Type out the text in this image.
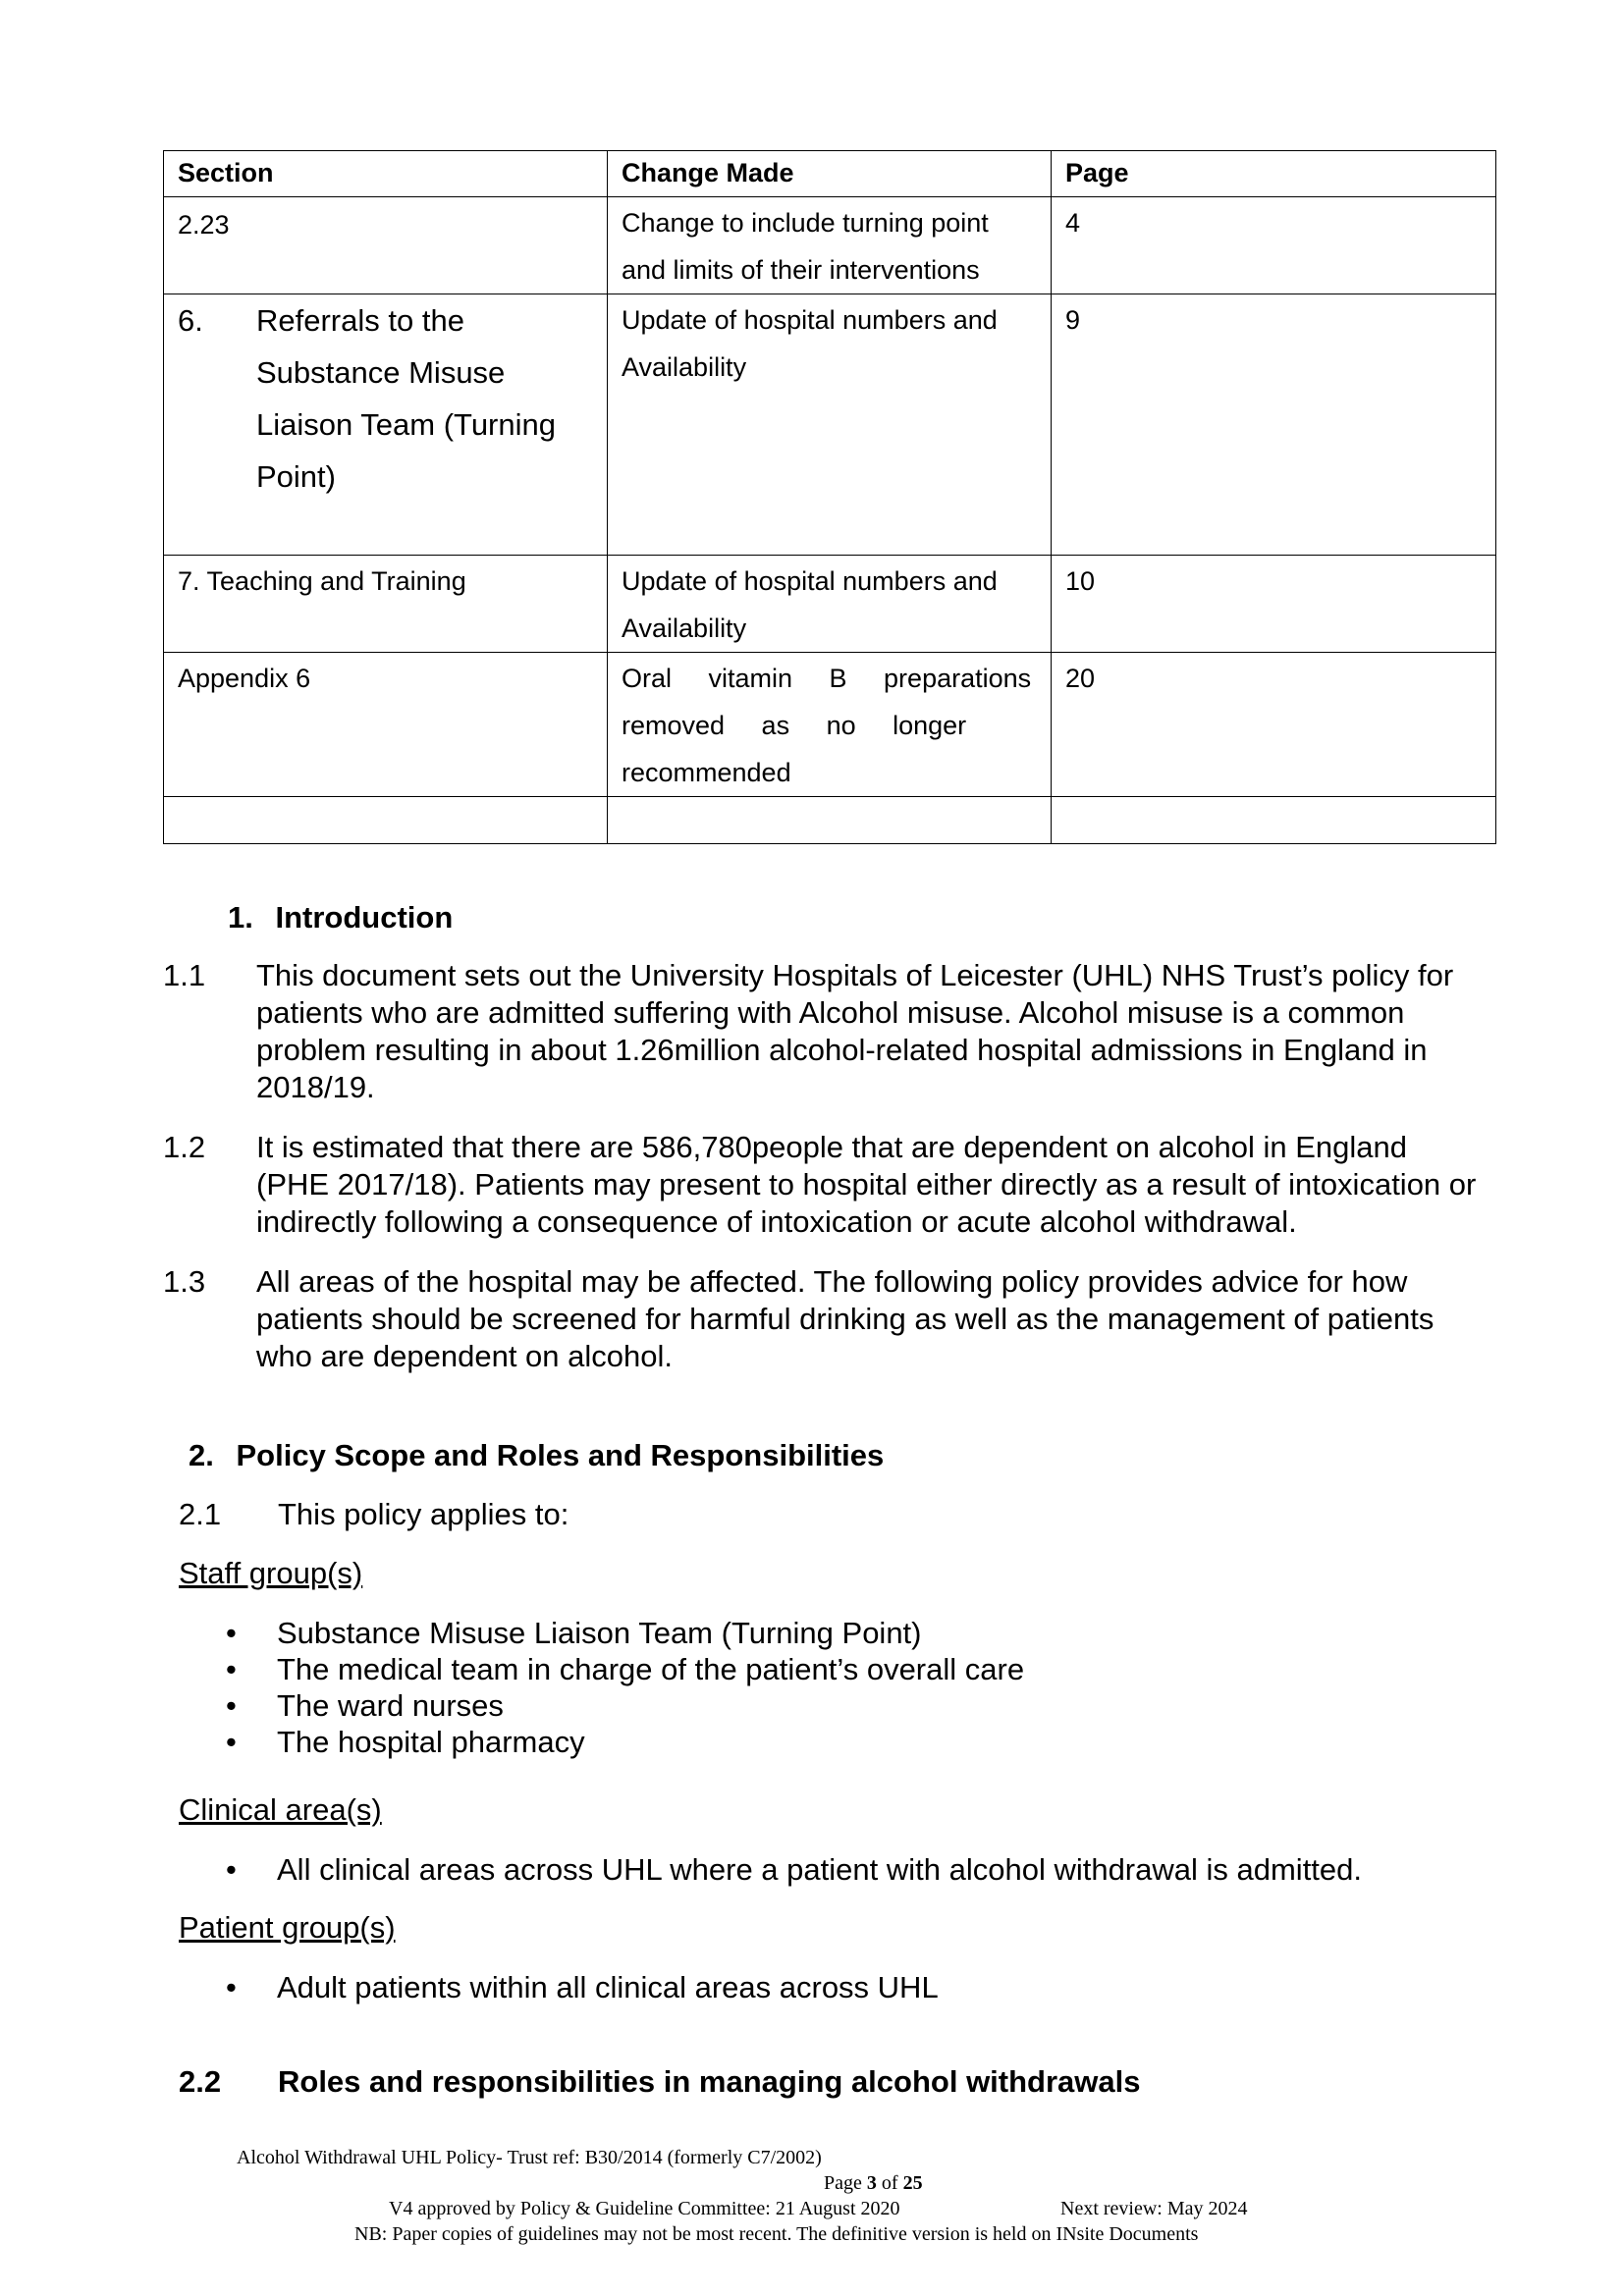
Section	Change Made	Page
2.23	Change to include turning point and limits of their interventions	4

6. Referrals to the Substance Misuse Liaison Team (Turning Point)	Update of hospital numbers and Availability	9
7. Teaching and Training	Update of hospital numbers and Availability	10
Appendix 6	Oral vitamin B preparations removed as no longer recommended	20

1. Introduction
1.1	This document sets out the University Hospitals of Leicester (UHL) NHS Trust’s policy for patients who are admitted suffering with Alcohol misuse. Alcohol misuse is a common problem resulting in about 1.26million alcohol-related hospital admissions in England in 2018/19.
1.2	It is estimated that there are 586,780people that are dependent on alcohol in England (PHE 2017/18). Patients may present to hospital either directly as a result of intoxication or indirectly following a consequence of intoxication or acute alcohol withdrawal.
1.3	All areas of the hospital may be affected. The following policy provides advice for how patients should be screened for harmful drinking as well as the management of patients who are dependent on alcohol.
2. Policy Scope and Roles and Responsibilities
2.1 This policy applies to:
Staff group(s)
• Substance Misuse Liaison Team (Turning Point)
• The medical team in charge of the patient’s overall care
• The ward nurses
• The hospital pharmacy
Clinical area(s)
• All clinical areas across UHL where a patient with alcohol withdrawal is admitted.
Patient group(s)
• Adult patients within all clinical areas across UHL
2.2 Roles and responsibilities in managing alcohol withdrawals
Alcohol Withdrawal UHL Policy- Trust ref: B30/2014 (formerly C7/2002)
Page 3 of 25
V4 approved by Policy & Guideline Committee: 21 August 2020	Next review: May 2024
NB: Paper copies of guidelines may not be most recent. The definitive version is held on INsite Documents
